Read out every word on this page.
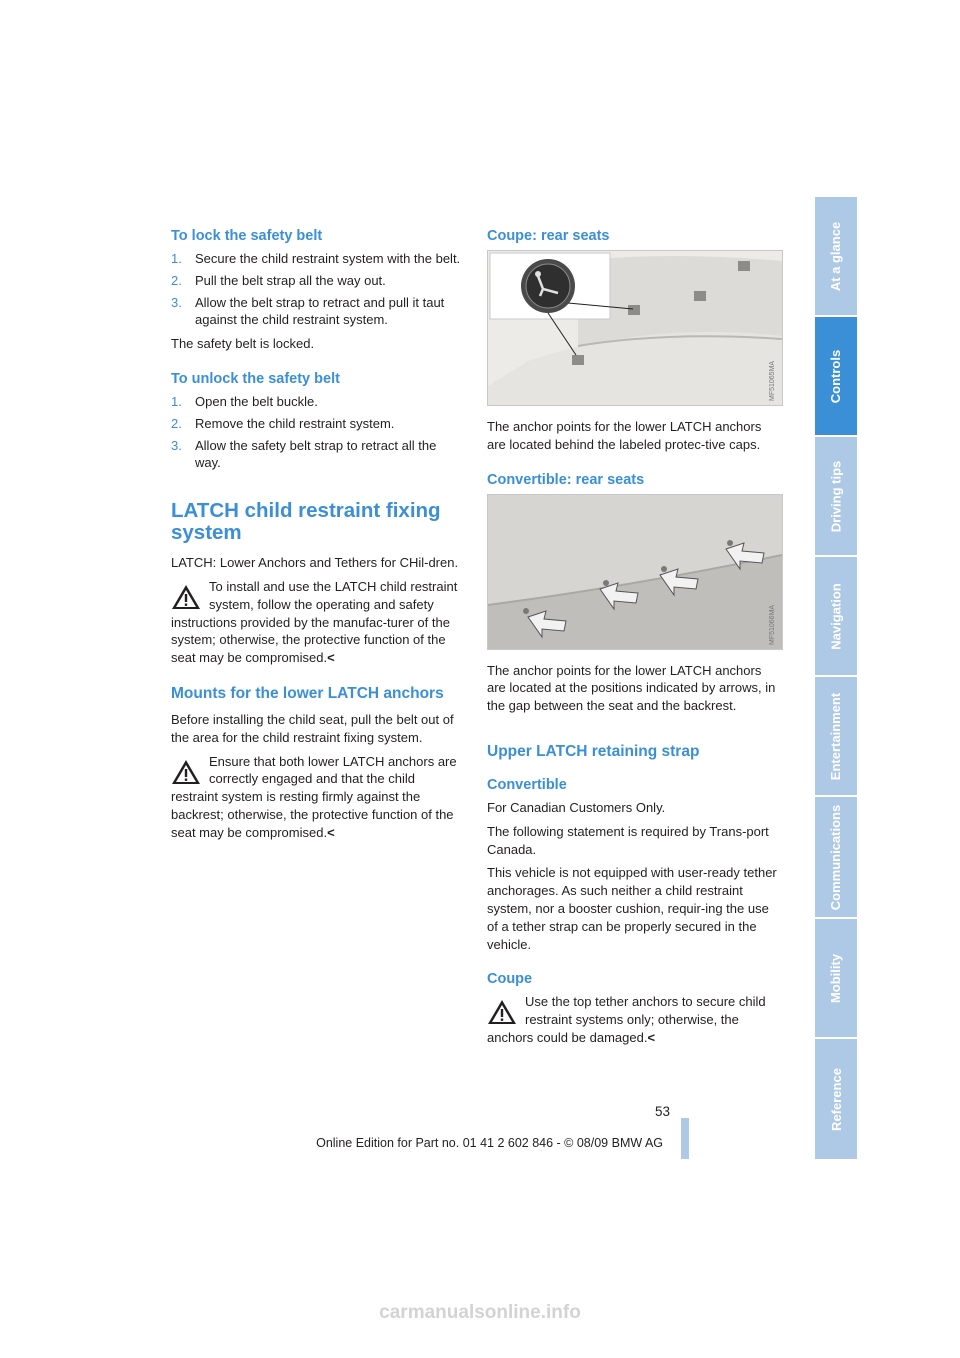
To lock the safety belt
1. Secure the child restraint system with the belt.
2. Pull the belt strap all the way out.
3. Allow the belt strap to retract and pull it taut against the child restraint system.

The safety belt is locked.

To unlock the safety belt
1. Open the belt buckle.
2. Remove the child restraint system.
3. Allow the safety belt strap to retract all the way.
LATCH child restraint fixing system

LATCH: Lower Anchors and Tethers for CHil-dren.

To install and use the LATCH child restraint system, follow the operating and safety instructions provided by the manufac-turer of the system; otherwise, the protective function of the seat may be compromised.<
Mounts for the lower LATCH anchors

Before installing the child seat, pull the belt out of the area for the child restraint fixing system.

Ensure that both lower LATCH anchors are correctly engaged and that the child restraint system is resting firmly against the backrest; otherwise, the protective function of the seat may be compromised.<
Coupe: rear seats
MF51065MA

The anchor points for the lower LATCH anchors are located behind the labeled protec-tive caps.

Convertible: rear seats
MF51066MA

The anchor points for the lower LATCH anchors are located at the positions indicated by arrows, in the gap between the seat and the backrest.

Upper LATCH retaining strap
Convertible

For Canadian Customers Only.

The following statement is required by Trans-port Canada.

This vehicle is not equipped with user-ready tether anchorages. As such neither a child restraint system, nor a booster cushion, requir-ing the use of a tether strap can be properly secured in the vehicle.

Coupe
Use the top tether anchors to secure child restraint systems only; otherwise, the anchors could be damaged.<
At a glance
Controls
Driving tips
Navigation
Entertainment
Communications
Mobility
Reference
53
Online Edition for Part no. 01 41 2 602 846 - © 08/09 BMW AG
carmanualsonline.info
